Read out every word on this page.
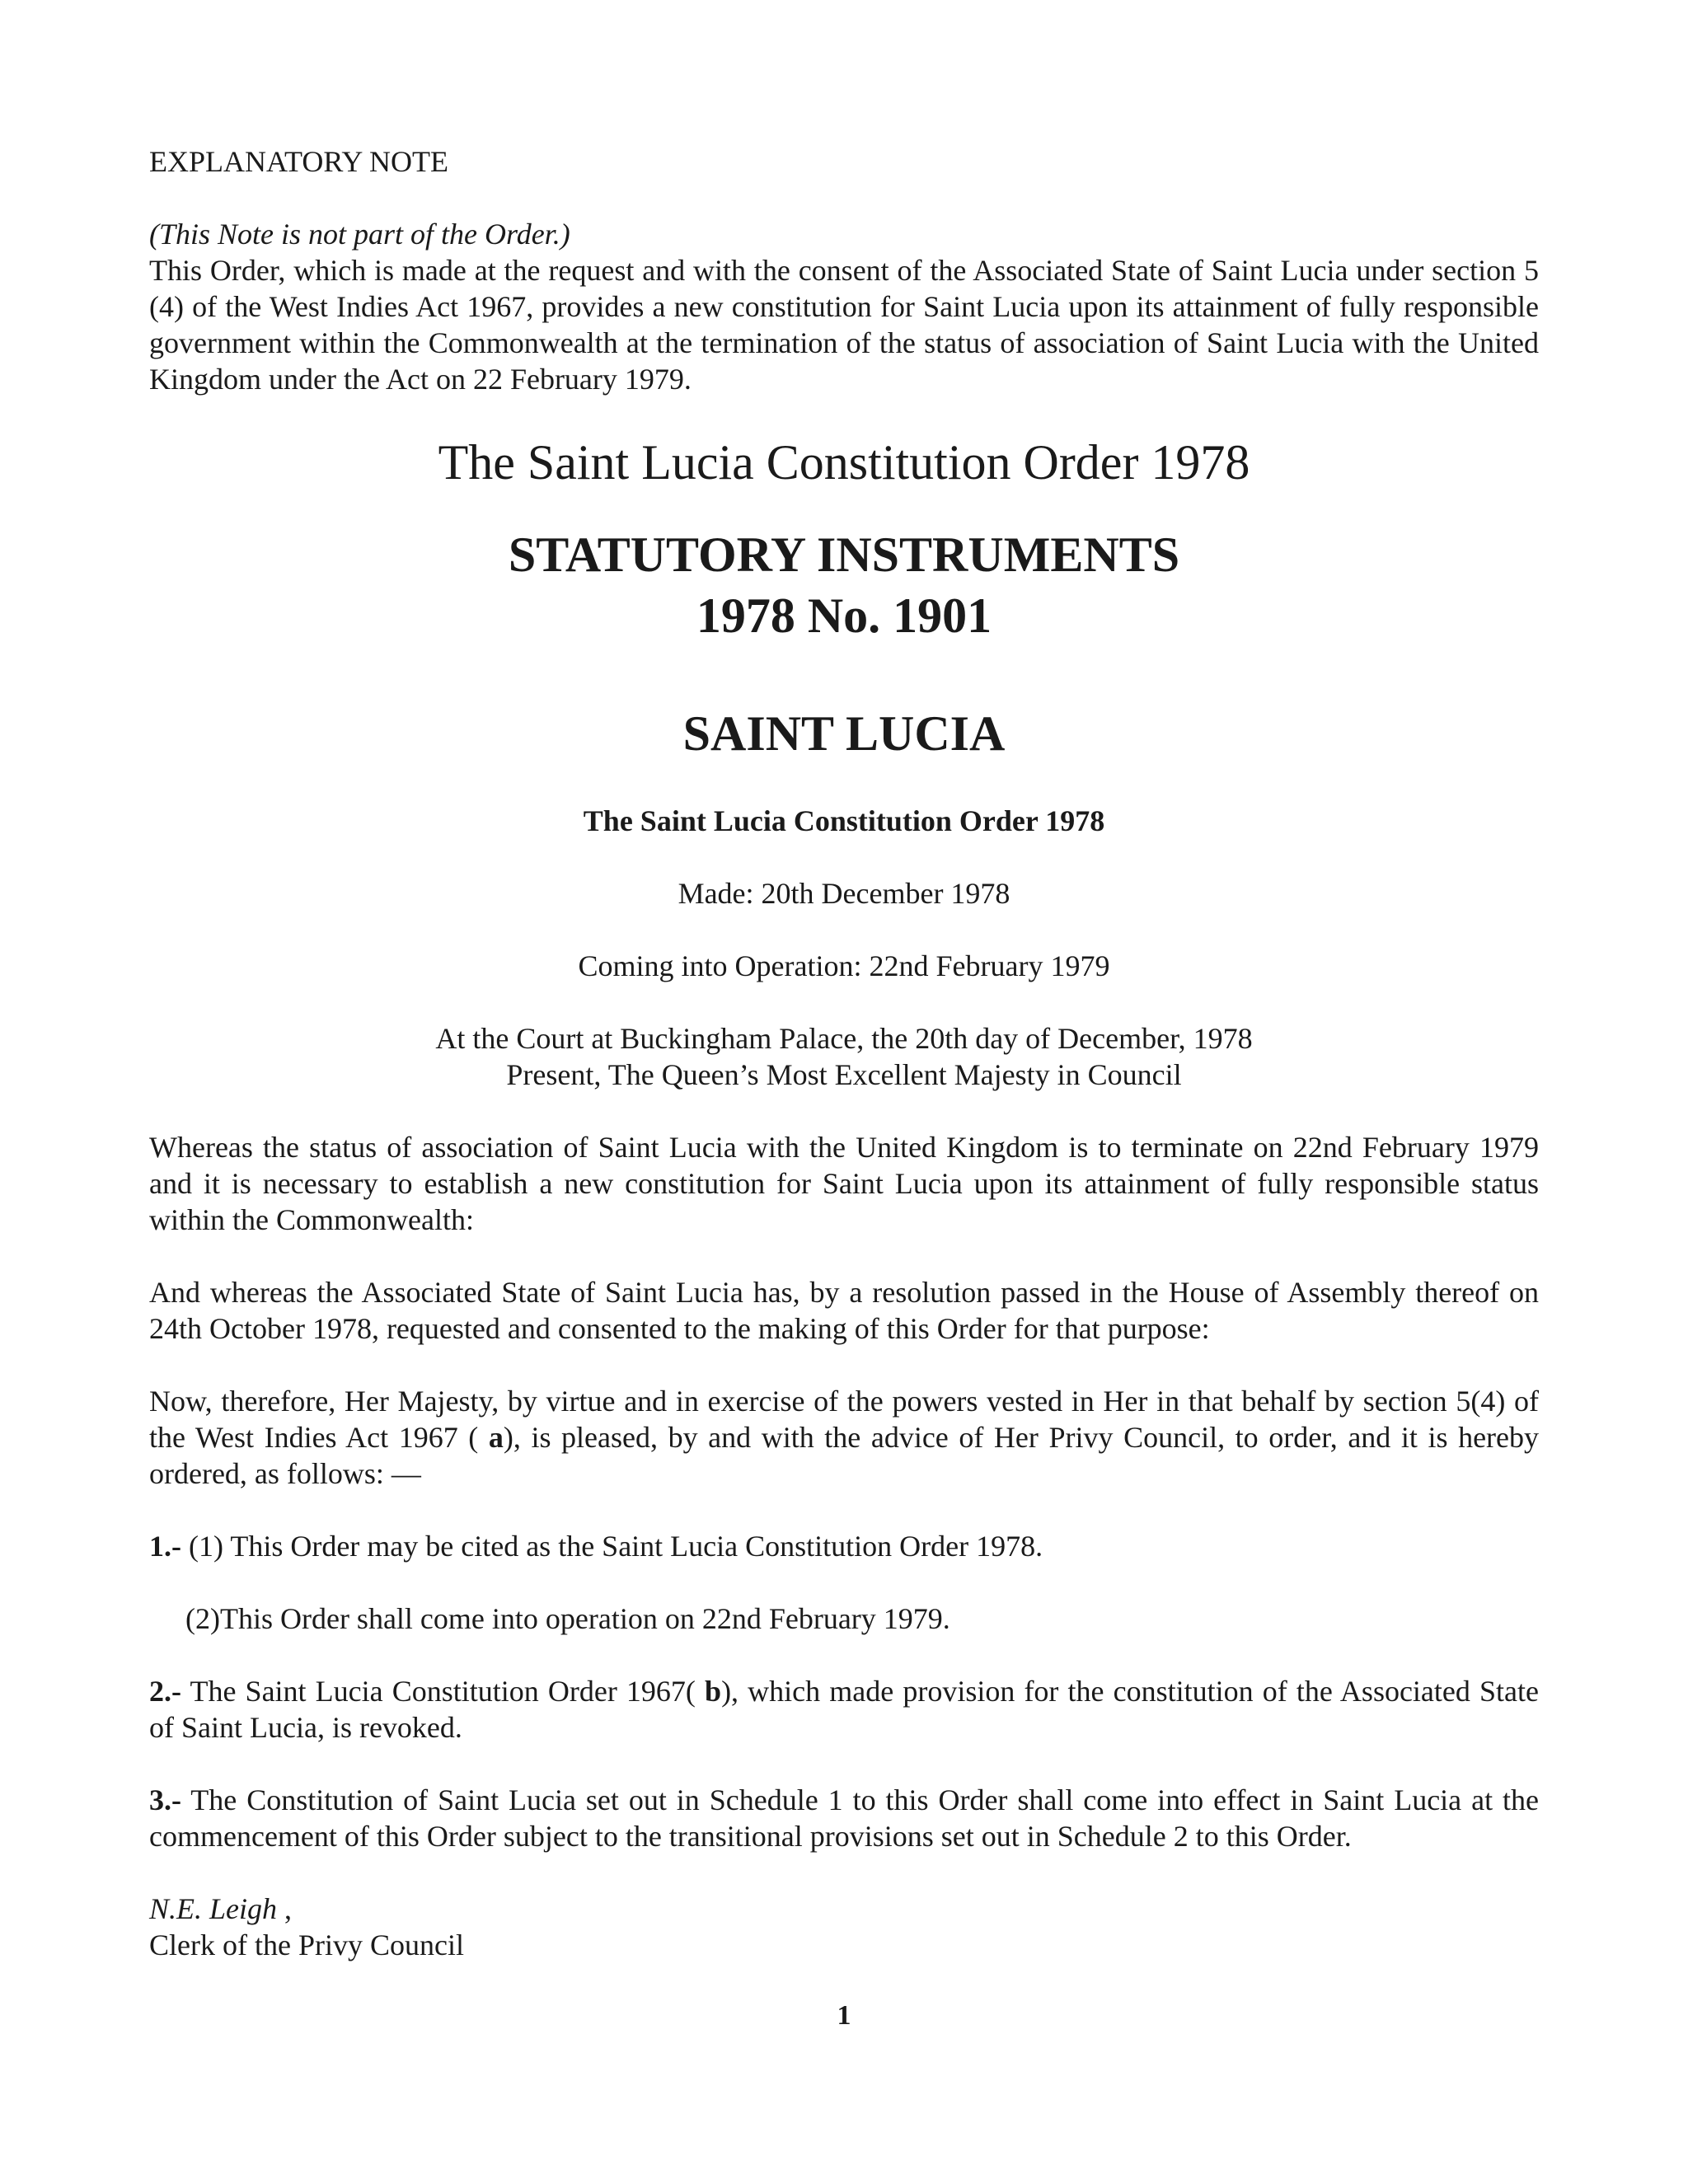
EXPLANATORY NOTE

(This Note is not part of the Order.)

This Order, which is made at the request and with the consent of the Associated State of Saint Lucia under section 5 (4) of the West Indies Act 1967, provides a new constitution for Saint Lucia upon its attainment of fully responsible government within the Commonwealth at the termination of the status of association of Saint Lucia with the United Kingdom under the Act on 22 February 1979.

The Saint Lucia Constitution Order 1978
STATUTORY INSTRUMENTS
1978 No. 1901
SAINT LUCIA

The Saint Lucia Constitution Order 1978

Made: 20th December 1978

Coming into Operation: 22nd February 1979

At the Court at Buckingham Palace, the 20th day of December, 1978
Present, The Queen’s Most Excellent Majesty in Council

Whereas the status of association of Saint Lucia with the United Kingdom is to terminate on 22nd February 1979 and it is necessary to establish a new constitution for Saint Lucia upon its attainment of fully responsible status within the Commonwealth:

And whereas the Associated State of Saint Lucia has, by a resolution passed in the House of Assembly thereof on 24th October 1978, requested and consented to the making of this Order for that purpose:

Now, therefore, Her Majesty, by virtue and in exercise of the powers vested in Her in that behalf by section 5(4) of the West Indies Act 1967 ( a), is pleased, by and with the advice of Her Privy Council, to order, and it is hereby ordered, as follows: —

1.- (1) This Order may be cited as the Saint Lucia Constitution Order 1978.

(2)This Order shall come into operation on 22nd February 1979.

2.- The Saint Lucia Constitution Order 1967( b), which made provision for the constitution of the Associated State of Saint Lucia, is revoked.

3.- The Constitution of Saint Lucia set out in Schedule 1 to this Order shall come into effect in Saint Lucia at the commencement of this Order subject to the transitional provisions set out in Schedule 2 to this Order.

N.E. Leigh ,
Clerk of the Privy Council

1
